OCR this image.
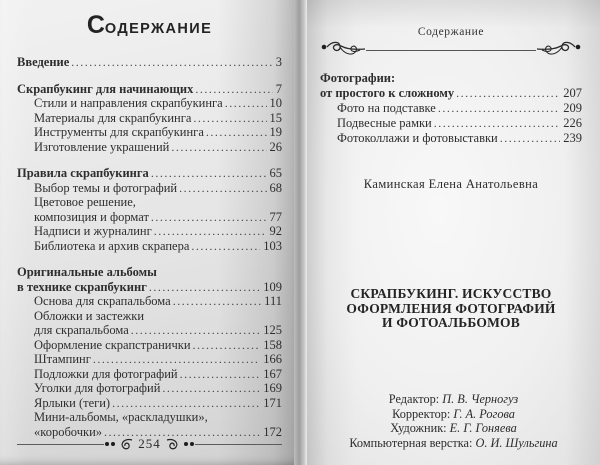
СОДЕРЖАНИЕ
Введение .....	3
Скрапбукинг для начинающих .....	7
Стили и направления скрапбукинга .....	10
Материалы для скрапбукинга .....	15
Инструменты для скрапбукинга .....	19
Изготовление украшений .....	26
Правила скрапбукинга .....	65
Выбор темы и фотографий .....	68
Цветовое решение,
композиция и формат .....	77
Надписи и журналинг .....	92
Библиотека и архив скрапера .....	103
Оригинальные альбомы
в технике скрапбукинг .....	109
Основа для скрапальбома .....	111
Обложки и застежки
для скрапальбома .....	125
Оформление скрапстранички .....	158
Штампинг .....	166
Подложки для фотографий .....	167
Уголки для фотографий .....	169
Ярлыки (теги) .....	171
Мини-альбомы, «раскладушки»,
«коробочки» .....	172
254
Содержание
Фотографии:
от простого к сложному .....	207
Фото на подставке .....	209
Подвесные рамки .....	226
Фотоколлажи и фотовыставки .....	239
Каминская Елена Анатольевна
СКРАПБУКИНГ. ИСКУССТВО
ОФОРМЛЕНИЯ ФОТОГРАФИЙ
И ФОТОАЛЬБОМОВ
Редактор: П. В. Черногуз
Корректор: Г. А. Рогова
Художник: Е. Г. Гоняева
Компьютерная верстка: О. И. Шульгина
